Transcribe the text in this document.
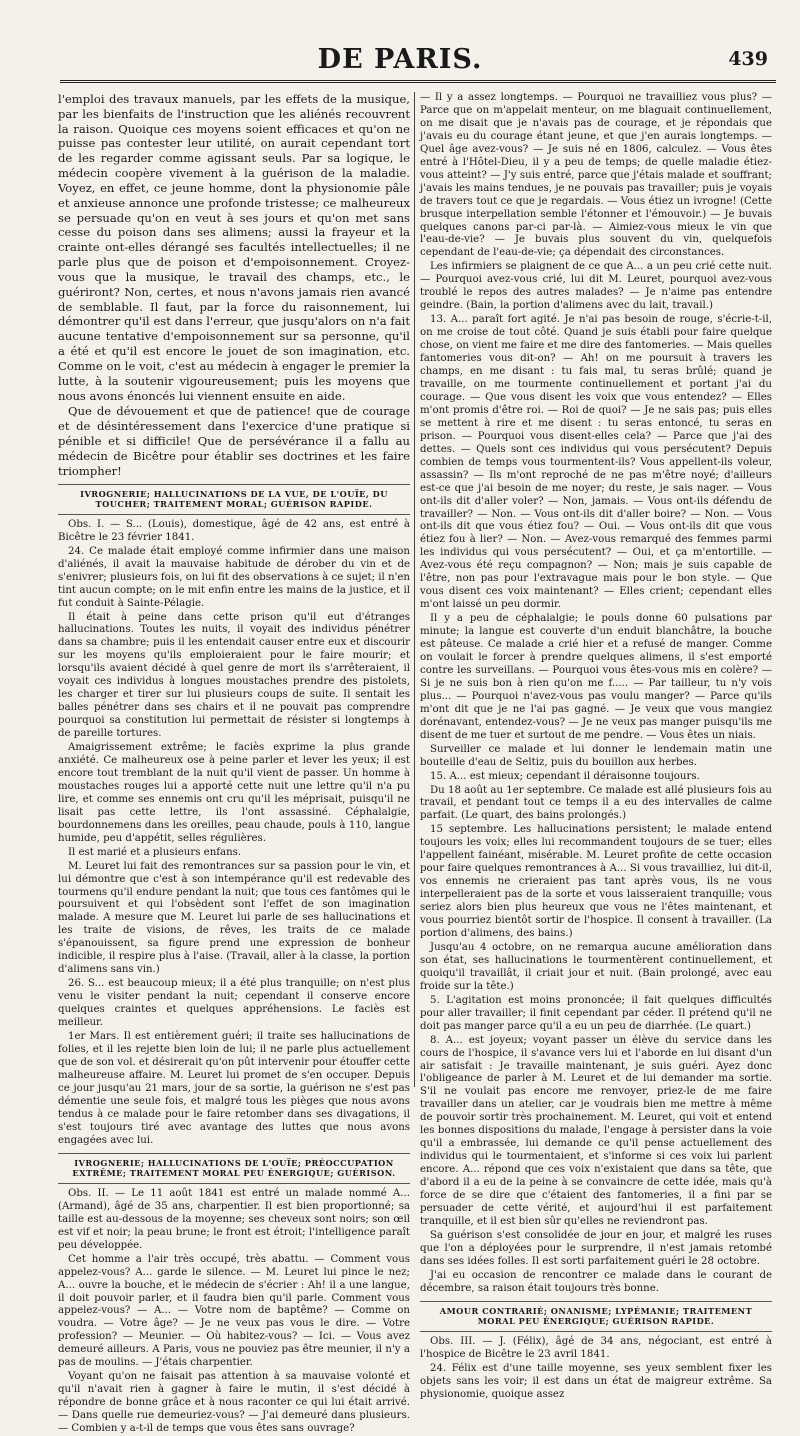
DE PARIS.	439

l'emploi des travaux manuels, par les effets de la musique, par les bienfaits de l'instruction que les aliénés recouvrent la raison. Quoique ces moyens soient efficaces et qu'on ne puisse pas contester leur utilité, on aurait cependant tort de les regarder comme agissant seuls. Par sa logique, le médecin coopère vivement à la guérison de la maladie. Voyez, en effet, ce jeune homme, dont la physionomie pâle et anxieuse annonce une profonde tristesse; ce malheureux se persuade qu'on en veut à ses jours et qu'on met sans cesse du poison dans ses alimens; aussi la frayeur et la crainte ont-elles dérangé ses facultés intellectuelles; il ne parle plus que de poison et d'empoisonnement. Croyez-vous que la musique, le travail des champs, etc., le guériront? Non, certes, et nous n'avons jamais rien avancé de semblable. Il faut, par la force du raisonnement, lui démontrer qu'il est dans l'erreur, que jusqu'alors on n'a fait aucune tentative d'empoisonnement sur sa personne, qu'il a été et qu'il est encore le jouet de son imagination, etc. Comme on le voit, c'est au médecin à engager le premier la lutte, à la soutenir vigoureusement; puis les moyens que nous avons énoncés lui viennent ensuite en aide.

Que de dévouement et que de patience! que de courage et de désintéressement dans l'exercice d'une pratique si pénible et si difficile! Que de persévérance il a fallu au médecin de Bicêtre pour établir ses doctrines et les faire triompher!

IVROGNERIE; HALLUCINATIONS DE LA VUE, DE L'OUÏE, DU TOUCHER; TRAITEMENT MORAL; GUÉRISON RAPIDE.

Obs. I. — S... (Louis), domestique, âgé de 42 ans, est entré à Bicêtre le 23 février 1841.

24. Ce malade était employé comme infirmier dans une maison d'aliénés, il avait la mauvaise habitude de dérober du vin et de s'enivrer; plusieurs fois, on lui fit des observations à ce sujet; il n'en tint aucun compte; on le mit enfin entre les mains de la justice, et il fut conduit à Sainte-Pélagie.

Il était à peine dans cette prison qu'il eut d'étranges hallucinations. Toutes les nuits, il voyait des individus pénétrer dans sa chambre; puis il les entendait causer entre eux et discourir sur les moyens qu'ils emploieraient pour le faire mourir; et lorsqu'ils avaient décidé à quel genre de mort ils s'arrêteraient, il voyait ces individus à longues moustaches prendre des pistolets, les charger et tirer sur lui plusieurs coups de suite. Il sentait les balles pénétrer dans ses chairs et il ne pouvait pas comprendre pourquoi sa constitution lui permettait de résister si longtemps à de pareille tortures.

Amaigrissement extrême; le faciès exprime la plus grande anxiété. Ce malheureux ose à peine parler et lever les yeux; il est encore tout tremblant de la nuit qu'il vient de passer. Un homme à moustaches rouges lui a apporté cette nuit une lettre qu'il n'a pu lire, et comme ses ennemis ont cru qu'il les méprisait, puisqu'il ne lisait pas cette lettre, ils l'ont assassiné. Céphalalgie, bourdonnemens dans les oreilles, peau chaude, pouls à 110, langue humide, peu d'appétit, selles régulières.

Il est marié et a plusieurs enfans.

M. Leuret lui fait des remontrances sur sa passion pour le vin, et lui démontre que c'est à son intempérance qu'il est redevable des tourmens qu'il endure pendant la nuit; que tous ces fantômes qui le poursuivent et qui l'obsèdent sont l'effet de son imagination malade. A mesure que M. Leuret lui parle de ses hallucinations et les traite de visions, de rêves, les traits de ce malade s'épanouissent, sa figure prend une expression de bonheur indicible, il respire plus à l'aise. (Travail, aller à la classe, la portion d'alimens sans vin.)

26. S... est beaucoup mieux; il a été plus tranquille; on n'est plus venu le visiter pendant la nuit; cependant il conserve encore quelques craintes et quelques appréhensions. Le faciès est meilleur.

1er Mars. Il est entièrement guéri; il traite ses hallucinations de folies, et il les rejette bien loin de lui; il ne parle plus actuellement que de son vol. et désirerait qu'on pût intervenir pour étouffer cette malheureuse affaire. M. Leuret lui promet de s'en occuper. Depuis ce jour jusqu'au 21 mars, jour de sa sortie, la guérison ne s'est pas démentie une seule fois, et malgré tous les pièges que nous avons tendus à ce malade pour le faire retomber dans ses divagations, il s'est toujours tiré avec avantage des luttes que nous avons engagées avec lui.

IVROGNERIE; HALLUCINATIONS DE L'OUÏE; PRÉOCCUPATION EXTRÊME; TRAITEMENT MORAL PEU ÉNERGIQUE; GUÉRISON.

Obs. II. — Le 11 août 1841 est entré un malade nommé A... (Armand), âgé de 35 ans, charpentier. Il est bien proportionné; sa taille est au-dessous de la moyenne; ses cheveux sont noirs; son œil est vif et noir; la peau brune; le front est étroit; l'intelligence paraît peu développée.

Cet homme a l'air très occupé, très abattu. — Comment vous appelez-vous? A... garde le silence. — M. Leuret lui pince le nez; A... ouvre la bouche, et le médecin de s'écrier : Ah! il a une langue, il doit pouvoir parler, et il faudra bien qu'il parle. Comment vous appelez-vous? — A... — Votre nom de baptême? — Comme on voudra. — Votre âge? — Je ne veux pas vous le dire. — Votre profession? — Meunier. — Où habitez-vous? — Ici. — Vous avez demeuré ailleurs. A Paris, vous ne pouviez pas être meunier, il n'y a pas de moulins. — J'étais charpentier.

Voyant qu'on ne faisait pas attention à sa mauvaise volonté et qu'il n'avait rien à gagner à faire le mutin, il s'est décidé à répondre de bonne grâce et à nous raconter ce qui lui était arrivé. — Dans quelle rue demeuriez-vous? — J'ai demeuré dans plusieurs. — Combien y a-t-il de temps que vous êtes sans ouvrage?

— Il y a assez longtemps. — Pourquoi ne travailliez vous plus? — Parce que on m'appelait menteur, on me blaguait continuellement, on me disait que je n'avais pas de courage, et je répondais que j'avais eu du courage étant jeune, et que j'en aurais longtemps. — Quel âge avez-vous? — Je suis né en 1806, calculez. — Vous êtes entré à l'Hôtel-Dieu, il y a peu de temps; de quelle maladie étiez-vous atteint? — J'y suis entré, parce que j'étais malade et souffrant; j'avais les mains tendues, je ne pouvais pas travailler; puis je voyais de travers tout ce que je regardais. — Vous étiez un ivrogne! (Cette brusque interpellation semble l'étonner et l'émouvoir.) — Je buvais quelques canons par-ci par-là. — Aimiez-vous mieux le vin que l'eau-de-vie? — Je buvais plus souvent du vin, quelquefois cependant de l'eau-de-vie; ça dépendait des circonstances.

Les infirmiers se plaignent de ce que A... a un peu crié cette nuit. — Pourquoi avez-vous crié, lui dit M. Leuret, pourquoi avez-vous troublé le repos des autres malades? — Je n'aime pas entendre geindre. (Bain, la portion d'alimens avec du lait, travail.)

13. A... paraît fort agité. Je n'ai pas besoin de rouge, s'écrie-t-il, on me croise de tout côté. Quand je suis établi pour faire quelque chose, on vient me faire et me dire des fantomeries. — Mais quelles fantomeries vous dit-on? — Ah! on me poursuit à travers les champs, en me disant : tu fais mal, tu seras brûlé; quand je travaille, on me tourmente continuellement et portant j'ai du courage. — Que vous disent les voix que vous entendez? — Elles m'ont promis d'être roi. — Roi de quoi? — Je ne sais pas; puis elles se mettent à rire et me disent : tu seras entoncé, tu seras en prison. — Pourquoi vous disent-elles cela? — Parce que j'ai des dettes. — Quels sont ces individus qui vous persécutent? Depuis combien de temps vous tourmentent-ils? Vous appellent-ils voleur, assassin? — Ils m'ont reproché de ne pas m'être noyé; d'ailleurs est-ce que j'ai besoin de me noyer; du reste, je sais nager. — Vous ont-ils dit d'aller voler? — Non, jamais. — Vous ont-ils défendu de travailler? — Non. — Vous ont-ils dit d'aller boire? — Non. — Vous ont-ils dit que vous étiez fou? — Oui. — Vous ont-ils dit que vous étiez fou à lier? — Non. — Avez-vous remarqué des femmes parmi les individus qui vous persécutent? — Oui, et ça m'entortille. — Avez-vous été reçu compagnon? — Non; mais je suis capable de l'être, non pas pour l'extravague mais pour le bon style. — Que vous disent ces voix maintenant? — Elles crient; cependant elles m'ont laissé un peu dormir.

Il y a peu de céphalalgie; le pouls donne 60 pulsations par minute; la langue est couverte d'un enduit blanchâtre, la bouche est pâteuse. Ce malade a crié hier et a refusé de manger. Comme on voulait le forcer à prendre quelques alimens, il s'est emporté contre les surveillans. — Pourquoi vous êtes-vous mis en colère? — Si je ne suis bon à rien qu'on me f..... — Par tailleur, tu n'y vois plus... — Pourquoi n'avez-vous pas voulu manger? — Parce qu'ils m'ont dit que je ne l'ai pas gagné. — Je veux que vous mangiez dorénavant, entendez-vous? — Je ne veux pas manger puisqu'ils me disent de me tuer et surtout de me pendre. — Vous êtes un niais.

Surveiller ce malade et lui donner le lendemain matin une bouteille d'eau de Seltiz, puis du bouillon aux herbes.

15. A... est mieux; cependant il déraisonne toujours.

Du 18 août au 1er septembre. Ce malade est allé plusieurs fois au travail, et pendant tout ce temps il a eu des intervalles de calme parfait. (Le quart, des bains prolongés.)

15 septembre. Les hallucinations persistent; le malade entend toujours les voix; elles lui recommandent toujours de se tuer; elles l'appellent fainéant, misérable. M. Leuret profite de cette occasion pour faire quelques remontrances à A... Si vous travailliez, lui dit-il, vos ennemis ne crieraient pas tant après vous, ils ne vous interpelleraient pas de la sorte et vous laisseraient tranquille; vous seriez alors bien plus heureux que vous ne l'êtes maintenant, et vous pourriez bientôt sortir de l'hospice. Il consent à travailler. (La portion d'alimens, des bains.)

Jusqu'au 4 octobre, on ne remarqua aucune amélioration dans son état, ses hallucinations le tourmentèrent continuellement, et quoiqu'il travaillât, il criait jour et nuit. (Bain prolongé, avec eau froide sur la tête.)

5. L'agitation est moins prononcée; il fait quelques difficultés pour aller travailler; il finit cependant par céder. Il prétend qu'il ne doit pas manger parce qu'il a eu un peu de diarrhée. (Le quart.)

8. A... est joyeux; voyant passer un élève du service dans les cours de l'hospice, il s'avance vers lui et l'aborde en lui disant d'un air satisfait : Je travaille maintenant, je suis guéri. Ayez donc l'obligeance de parler à M. Leuret et de lui demander ma sortie. S'il ne voulait pas encore me renvoyer, priez-le de me faire travailler dans un atelier, car je voudrais bien me mettre à même de pouvoir sortir très prochainement. M. Leuret, qui voit et entend les bonnes dispositions du malade, l'engage à persister dans la voie qu'il a embrassée, lui demande ce qu'il pense actuellement des individus qui le tourmentaient, et s'informe si ces voix lui parlent encore. A... répond que ces voix n'existaient que dans sa tête, que d'abord il a eu de la peine à se convaincre de cette idée, mais qu'à force de se dire que c'étaient des fantomeries, il a fini par se persuader de cette vérité, et aujourd'hui il est parfaitement tranquille, et il est bien sûr qu'elles ne reviendront pas.

Sa guérison s'est consolidée de jour en jour, et malgré les ruses que l'on a déployées pour le surprendre, il n'est jamais retombé dans ses idées folles. Il est sorti parfaitement guéri le 28 octobre.

J'ai eu occasion de rencontrer ce malade dans le courant de décembre, sa raison était toujours très bonne.

AMOUR CONTRARIÉ; ONANISME; LYPÉMANIE; TRAITEMENT MORAL PEU ÉNERGIQUE; GUÉRISON RAPIDE.

Obs. III. — J. (Félix), âgé de 34 ans, négociant, est entré à l'hospice de Bicêtre le 23 avril 1841.

24. Félix est d'une taille moyenne, ses yeux semblent fixer les objets sans les voir; il est dans un état de maigreur extrême. Sa physionomie, quoique assez
